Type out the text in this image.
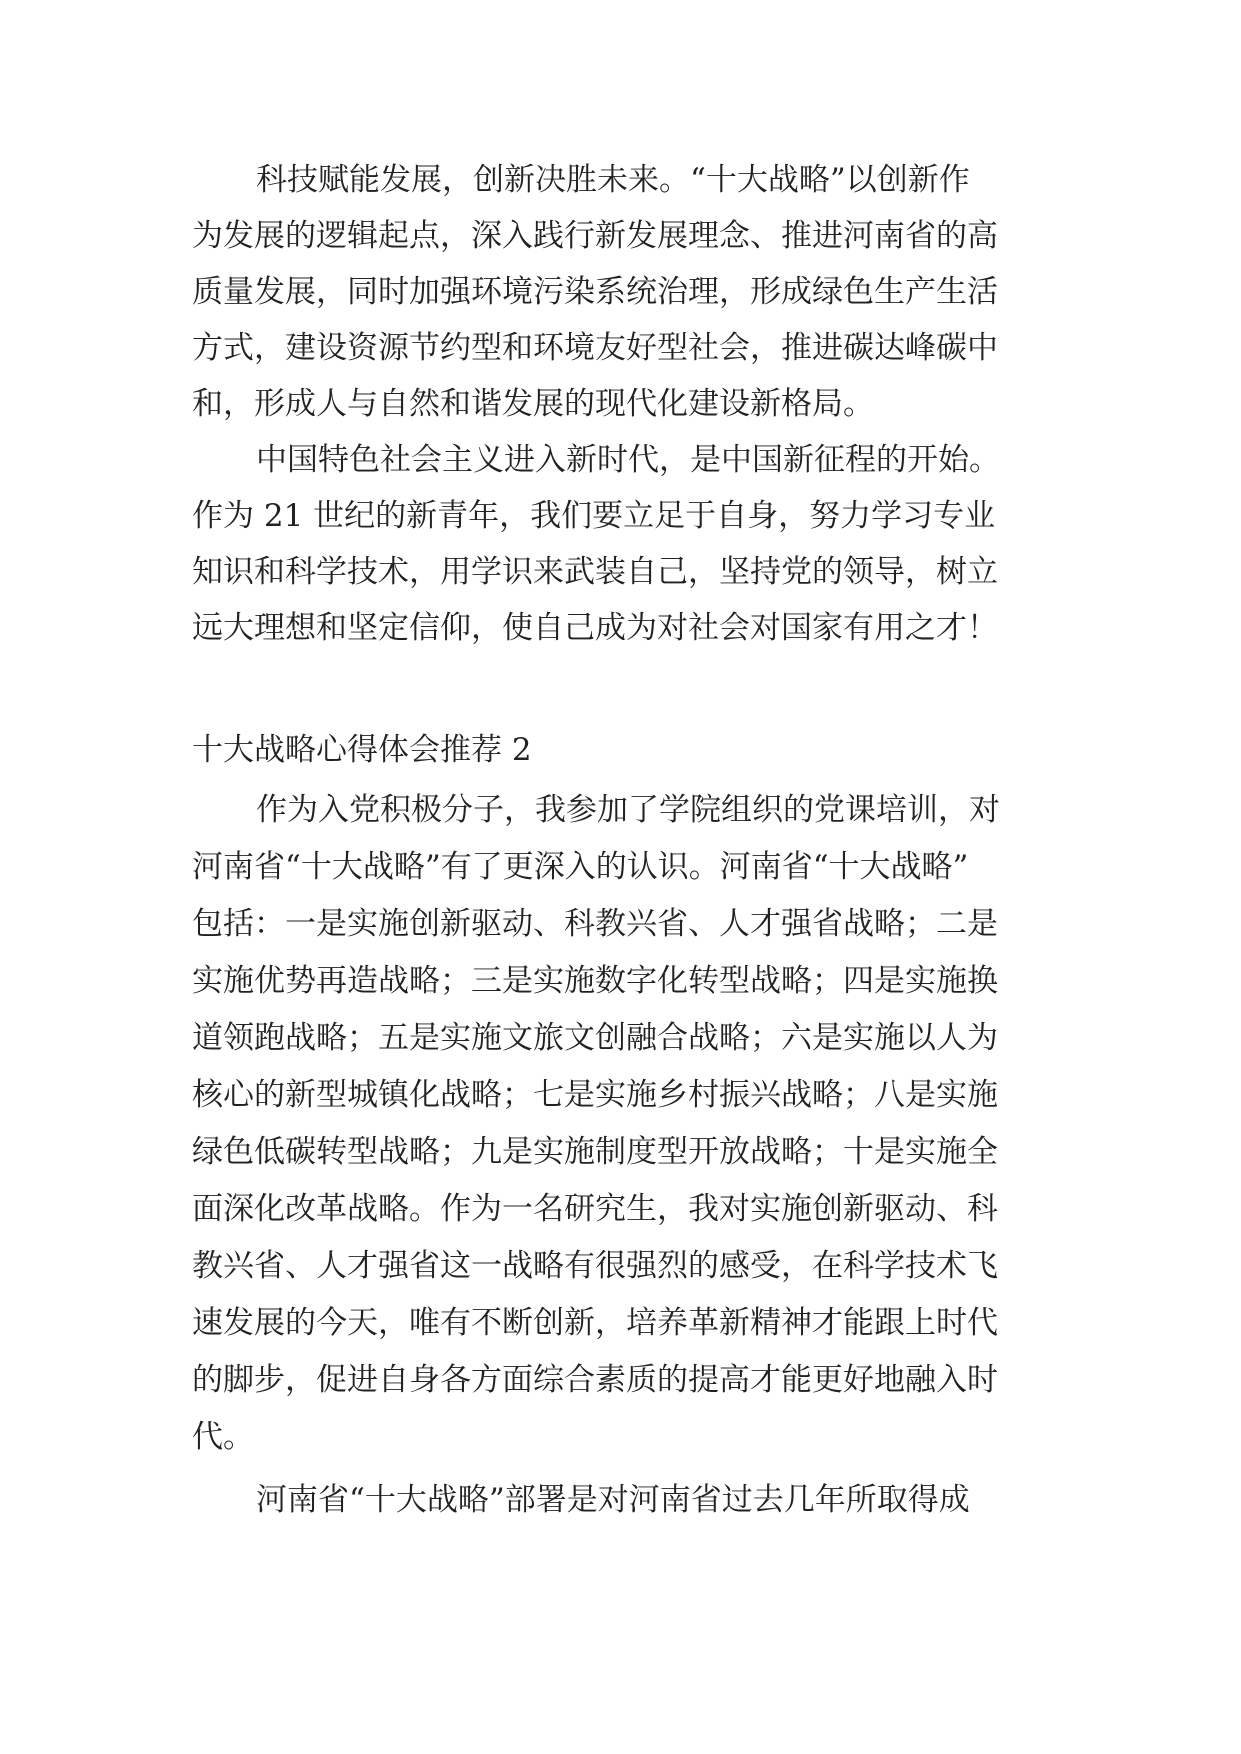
科技赋能发展，创新决胜未来。“十大战略”以创新作
为发展的逻辑起点，深入践行新发展理念、推进河南省的高
质量发展，同时加强环境污染系统治理，形成绿色生产生活
方式，建设资源节约型和环境友好型社会，推进碳达峰碳中
和，形成人与自然和谐发展的现代化建设新格局。
中国特色社会主义进入新时代，是中国新征程的开始。
作为 21 世纪的新青年，我们要立足于自身，努力学习专业
知识和科学技术，用学识来武装自己，坚持党的领导，树立
远大理想和坚定信仰，使自己成为对社会对国家有用之才！
十大战略心得体会推荐 2
作为入党积极分子，我参加了学院组织的党课培训，对
河南省“十大战略”有了更深入的认识。河南省“十大战略”
包括：一是实施创新驱动、科教兴省、人才强省战略；二是
实施优势再造战略；三是实施数字化转型战略；四是实施换
道领跑战略；五是实施文旅文创融合战略；六是实施以人为
核心的新型城镇化战略；七是实施乡村振兴战略；八是实施
绿色低碳转型战略；九是实施制度型开放战略；十是实施全
面深化改革战略。作为一名研究生，我对实施创新驱动、科
教兴省、人才强省这一战略有很强烈的感受，在科学技术飞
速发展的今天，唯有不断创新，培养革新精神才能跟上时代
的脚步，促进自身各方面综合素质的提高才能更好地融入时
代。
河南省“十大战略”部署是对河南省过去几年所取得成
